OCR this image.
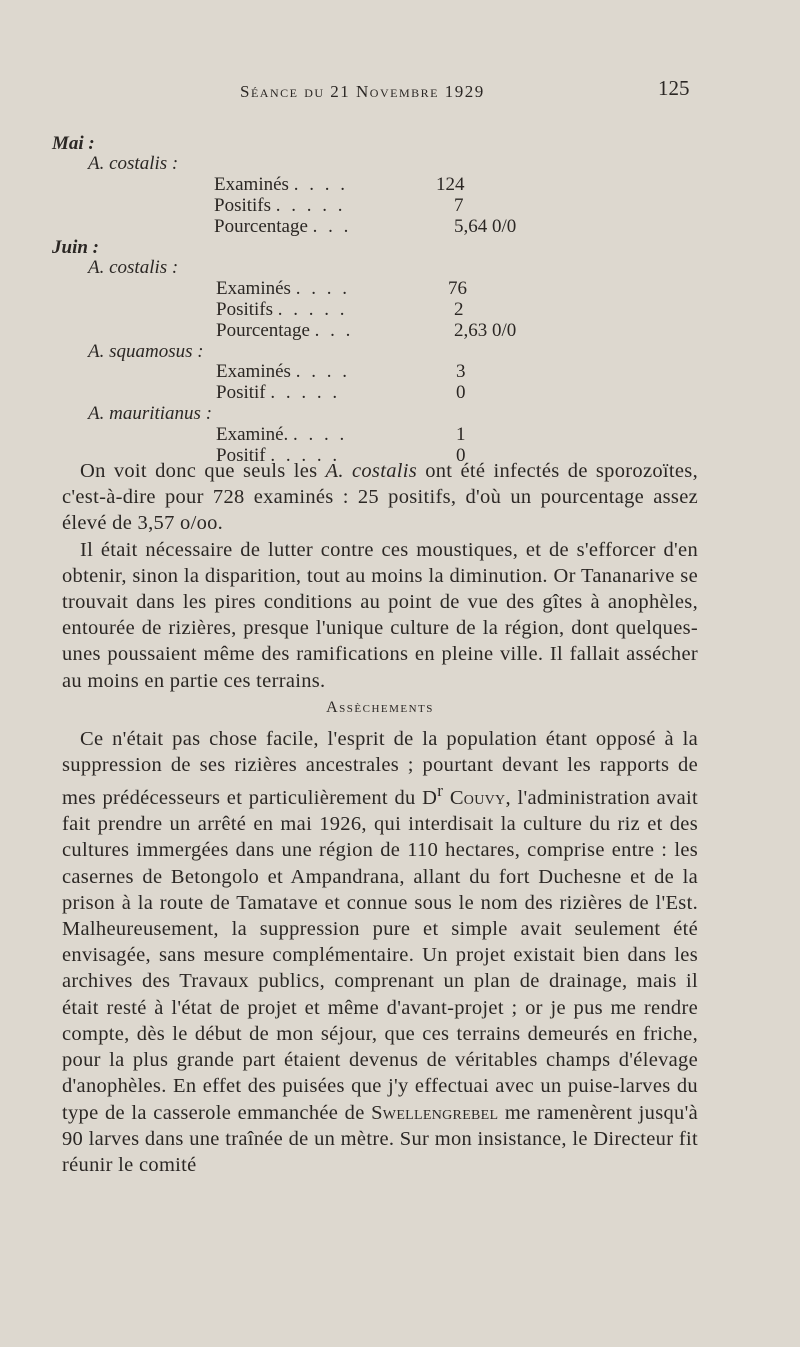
Séance du 21 Novembre 1929	125
Mai :
A. costalis :
Examinés . . . .	124
Positifs . . . . .	7
Pourcentage . . .	5,64 0/0
Juin :
A. costalis :
Examinés . . . .	76
Positifs . . . . .	2
Pourcentage . . .	2,63 0/0
A. squamosus :
Examinés . . . .	3
Positif . . . . .	0
A. mauritianus :
Examiné. . . . .	1
Positif . . . . .	0

On voit donc que seuls les A. costalis ont été infectés de sporozoïtes, c'est-à-dire pour 728 examinés : 25 positifs, d'où un pourcentage assez élevé de 3,57 o/oo.

Il était nécessaire de lutter contre ces moustiques, et de s'efforcer d'en obtenir, sinon la disparition, tout au moins la diminution. Or Tananarive se trouvait dans les pires conditions au point de vue des gîtes à anophèles, entourée de rizières, presque l'unique culture de la région, dont quelques-unes poussaient même des ramifications en pleine ville. Il fallait assécher au moins en partie ces terrains.

Assèchements

Ce n'était pas chose facile, l'esprit de la population étant opposé à la suppression de ses rizières ancestrales ; pourtant devant les rapports de mes prédécesseurs et particulièrement du $D^r$ Couvy, l'administration avait fait prendre un arrêté en mai 1926, qui interdisait la culture du riz et des cultures immergées dans une région de 110 hectares, comprise entre : les casernes de Betongolo et Ampandrana, allant du fort Duchesne et de la prison à la route de Tamatave et connue sous le nom des rizières de l'Est. Malheureusement, la suppression pure et simple avait seulement été envisagée, sans mesure complémentaire. Un projet existait bien dans les archives des Travaux publics, comprenant un plan de drainage, mais il était resté à l'état de projet et même d'avant-projet ; or je pus me rendre compte, dès le début de mon séjour, que ces terrains demeurés en friche, pour la plus grande part étaient devenus de véritables champs d'élevage d'anophèles. En effet des puisées que j'y effectuai avec un puise-larves du type de la casserole emmanchée de Swellengrebel me ramenèrent jusqu'à 90 larves dans une traînée de un mètre. Sur mon insistance, le Directeur fit réunir le comité
